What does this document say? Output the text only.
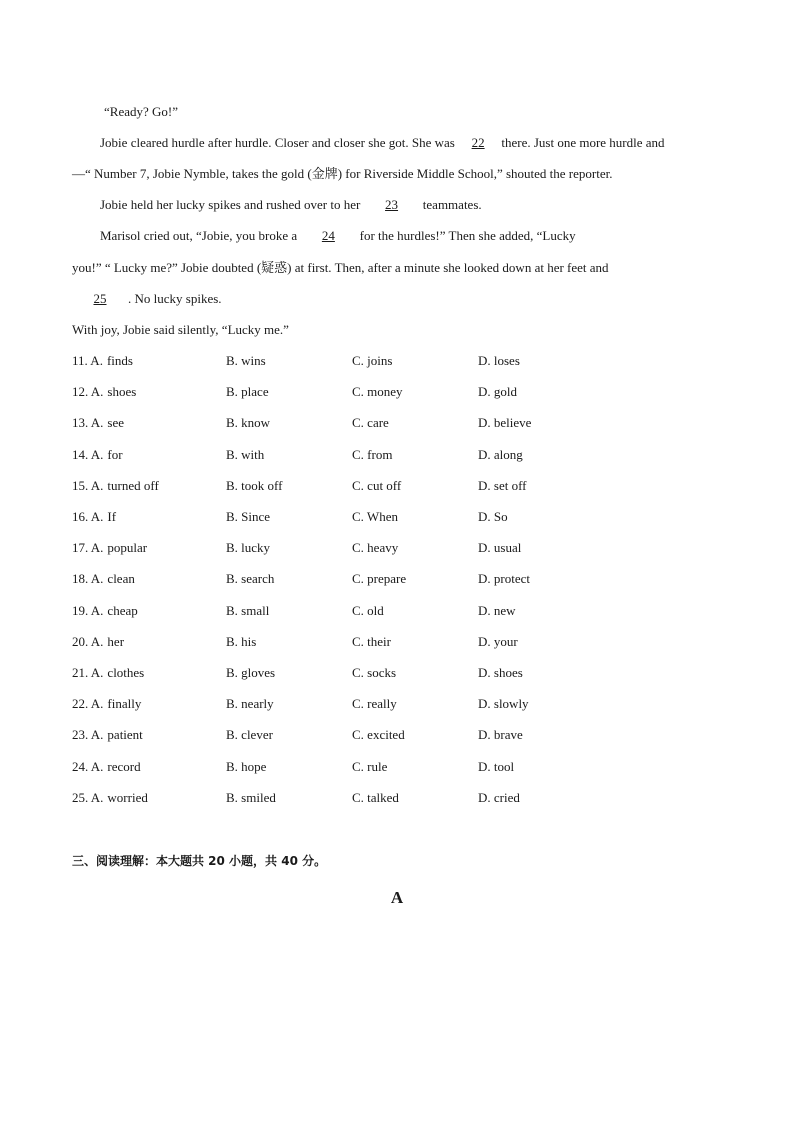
“Ready? Go!”
Jobie cleared hurdle after hurdle. Closer and closer she got. She was 22 there. Just one more hurdle and
—“ Number 7, Jobie Nymble, takes the gold (金牌) for Riverside Middle School,” shouted the reporter.
Jobie held her lucky spikes and rushed over to her 23 teammates.
Marisol cried out, “Jobie, you broke a 24 for the hurdles!” Then she added, “Lucky
you!” “ Lucky me?” Jobie doubted (疑惑) at first. Then, after a minute she looked down at her feet and
25 . No lucky spikes.
With joy, Jobie said silently, “Lucky me.”
11. A. finds	B. wins	C. joins	D. loses
12. A. shoes	B. place	C. money	D. gold
13. A. see	B. know	C. care	D. believe
14. A. for	B. with	C. from	D. along
15. A. turned off	B. took off	C. cut off	D. set off
16. A. If	B. Since	C. When	D. So
17. A. popular	B. lucky	C. heavy	D. usual
18. A. clean	B. search	C. prepare	D. protect
19. A. cheap	B. small	C. old	D. new
20. A. her	B. his	C. their	D. your
21. A. clothes	B. gloves	C. socks	D. shoes
22. A. finally	B. nearly	C. really	D. slowly
23. A. patient	B. clever	C. excited	D. brave
24. A. record	B. hope	C. rule	D. tool
25. A. worried	B. smiled	C. talked	D. cried
三、阅读理解：本大题共 20 小题，共 40 分。
A
